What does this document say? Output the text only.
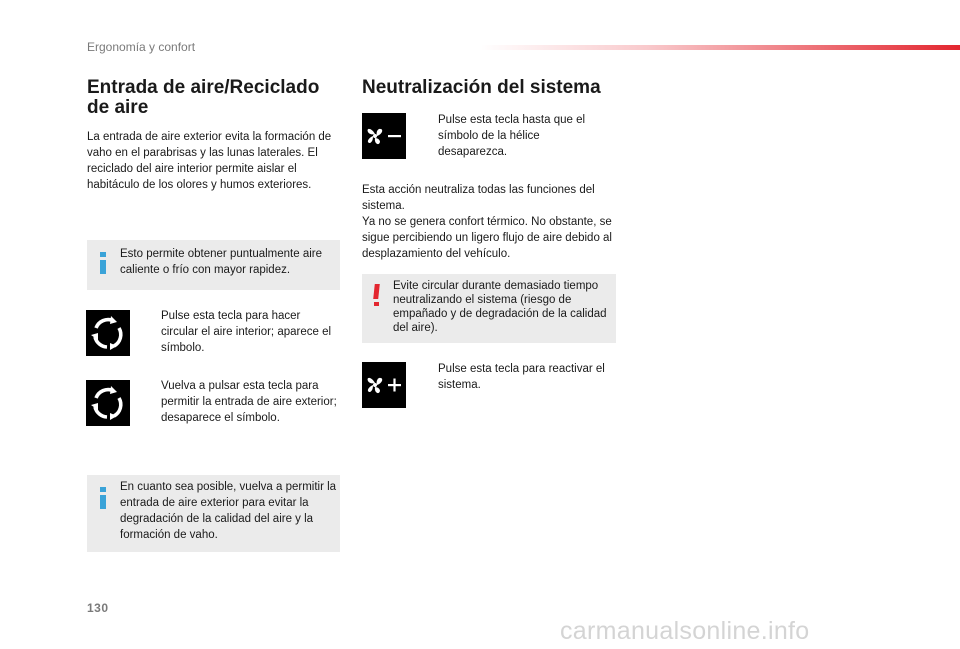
Ergonomía y confort
Entrada de aire/Reciclado de aire

La entrada de aire exterior evita la formación de vaho en el parabrisas y las lunas laterales. El reciclado del aire interior permite aislar el habitáculo de los olores y humos exteriores.

Esto permite obtener puntualmente aire caliente o frío con mayor rapidez.

Pulse esta tecla para hacer circular el aire interior; aparece el símbolo.

Vuelva a pulsar esta tecla para permitir la entrada de aire exterior; desaparece el símbolo.

En cuanto sea posible, vuelva a permitir la entrada de aire exterior para evitar la degradación de la calidad del aire y la formación de vaho.

Neutralización del sistema

Pulse esta tecla hasta que el símbolo de la hélice desaparezca.

Esta acción neutraliza todas las funciones del sistema.

Ya no se genera confort térmico. No obstante, se sigue percibiendo un ligero flujo de aire debido al desplazamiento del vehículo.

Evite circular durante demasiado tiempo neutralizando el sistema (riesgo de empañado y de degradación de la calidad del aire).

Pulse esta tecla para reactivar el sistema.

130
carmanualsonline.info
